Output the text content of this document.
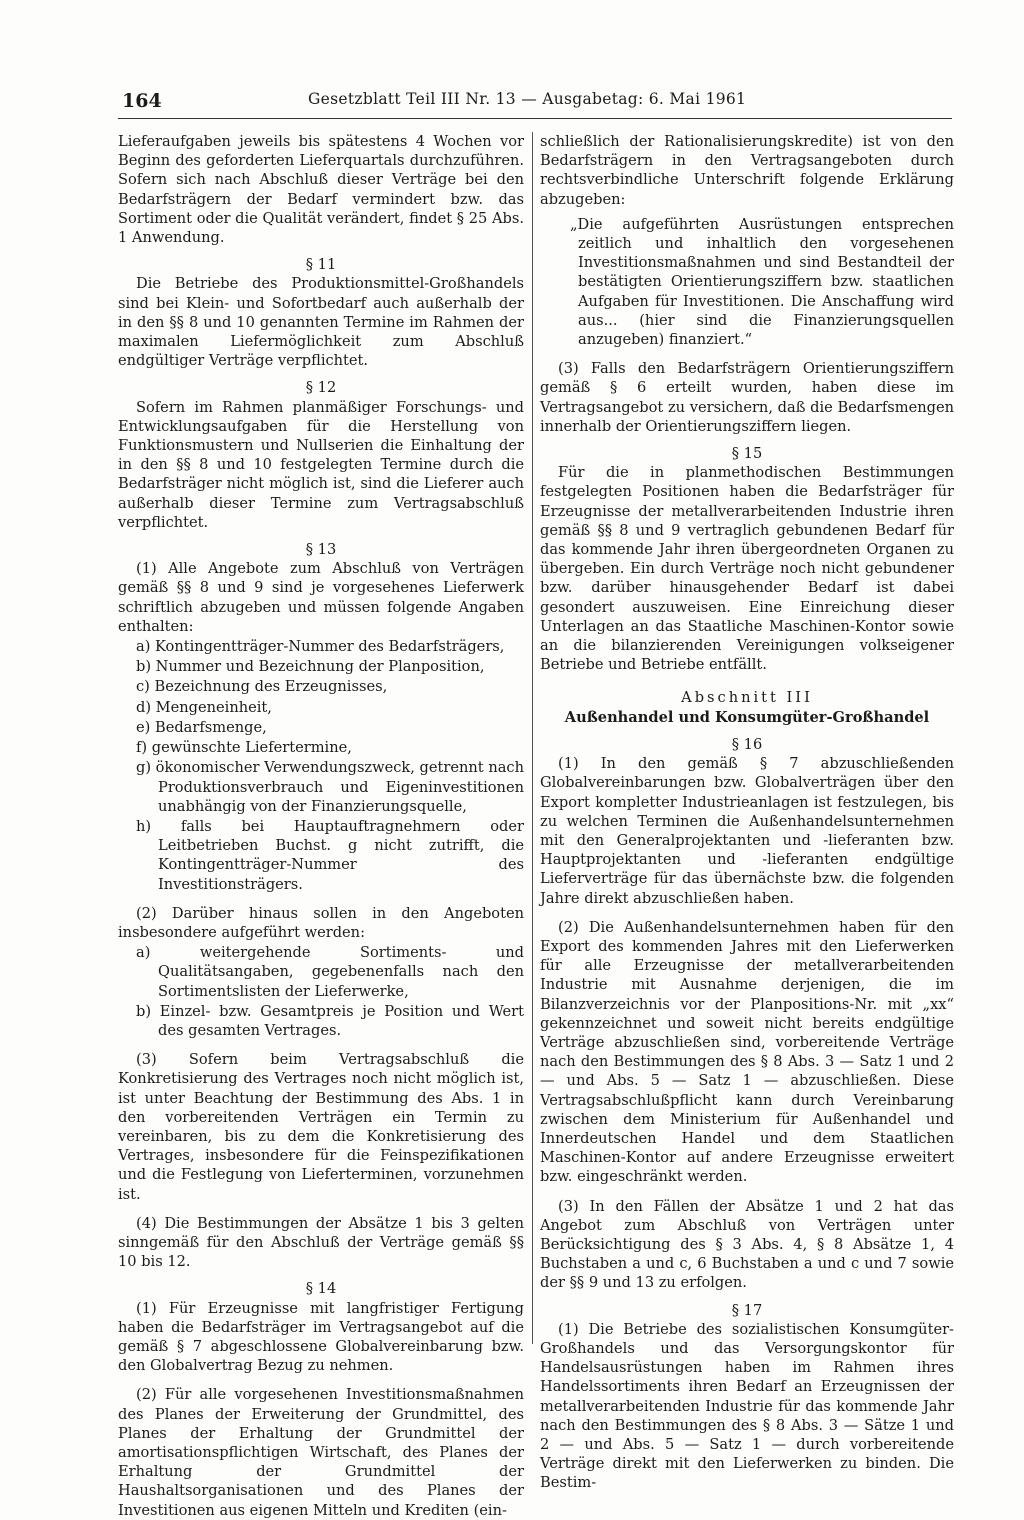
164	Gesetzblatt Teil III Nr. 13 — Ausgabetag: 6. Mai 1961

Lieferaufgaben jeweils bis spätestens 4 Wochen vor Beginn des geforderten Lieferquartals durchzuführen. Sofern sich nach Abschluß dieser Verträge bei den Bedarfsträgern der Bedarf vermindert bzw. das Sortiment oder die Qualität verändert, findet § 25 Abs. 1 Anwendung.

§ 11

Die Betriebe des Produktionsmittel-Großhandels sind bei Klein- und Sofortbedarf auch außerhalb der in den §§ 8 und 10 genannten Termine im Rahmen der maximalen Liefermöglichkeit zum Abschluß endgültiger Verträge verpflichtet.

§ 12

Sofern im Rahmen planmäßiger Forschungs- und Entwicklungsaufgaben für die Herstellung von Funktionsmustern und Nullserien die Einhaltung der in den §§ 8 und 10 festgelegten Termine durch die Bedarfsträger nicht möglich ist, sind die Lieferer auch außerhalb dieser Termine zum Vertragsabschluß verpflichtet.

§ 13

(1) Alle Angebote zum Abschluß von Verträgen gemäß §§ 8 und 9 sind je vorgesehenes Lieferwerk schriftlich abzugeben und müssen folgende Angaben enthalten:

a) Kontingentträger-Nummer des Bedarfsträgers,
b) Nummer und Bezeichnung der Planposition,
c) Bezeichnung des Erzeugnisses,
d) Mengeneinheit,
e) Bedarfsmenge,
f) gewünschte Liefertermine,
g) ökonomischer Verwendungszweck, getrennt nach Produktionsverbrauch und Eigeninvestitionen unabhängig von der Finanzierungsquelle,
h) falls bei Hauptauftragnehmern oder Leitbetrieben Buchst. g nicht zutrifft, die Kontingentträger-Nummer des Investitionsträgers.

(2) Darüber hinaus sollen in den Angeboten insbesondere aufgeführt werden:

a) weitergehende Sortiments- und Qualitätsangaben, gegebenenfalls nach den Sortimentslisten der Lieferwerke,
b) Einzel- bzw. Gesamtpreis je Position und Wert des gesamten Vertrages.

(3) Sofern beim Vertragsabschluß die Konkretisierung des Vertrages noch nicht möglich ist, ist unter Beachtung der Bestimmung des Abs. 1 in den vorbereitenden Verträgen ein Termin zu vereinbaren, bis zu dem die Konkretisierung des Vertrages, insbesondere für die Feinspezifikationen und die Festlegung von Lieferterminen, vorzunehmen ist.

(4) Die Bestimmungen der Absätze 1 bis 3 gelten sinngemäß für den Abschluß der Verträge gemäß §§ 10 bis 12.

§ 14

(1) Für Erzeugnisse mit langfristiger Fertigung haben die Bedarfsträger im Vertragsangebot auf die gemäß § 7 abgeschlossene Globalvereinbarung bzw. den Globalvertrag Bezug zu nehmen.

(2) Für alle vorgesehenen Investitionsmaßnahmen des Planes der Erweiterung der Grundmittel, des Planes der Erhaltung der Grundmittel der amortisationspflichtigen Wirtschaft, des Planes der Erhaltung der Grundmittel der Haushaltsorganisationen und des Planes der Investitionen aus eigenen Mitteln und Krediten (ein-

schließlich der Rationalisierungskredite) ist von den Bedarfsträgern in den Vertragsangeboten durch rechtsverbindliche Unterschrift folgende Erklärung abzugeben:

„Die aufgeführten Ausrüstungen entsprechen zeitlich und inhaltlich den vorgesehenen Investitionsmaßnahmen und sind Bestandteil der bestätigten Orientierungsziffern bzw. staatlichen Aufgaben für Investitionen. Die Anschaffung wird aus... (hier sind die Finanzierungsquellen anzugeben) finanziert.“

(3) Falls den Bedarfsträgern Orientierungsziffern gemäß § 6 erteilt wurden, haben diese im Vertragsangebot zu versichern, daß die Bedarfsmengen innerhalb der Orientierungsziffern liegen.

§ 15

Für die in planmethodischen Bestimmungen festgelegten Positionen haben die Bedarfsträger für Erzeugnisse der metallverarbeitenden Industrie ihren gemäß §§ 8 und 9 vertraglich gebundenen Bedarf für das kommende Jahr ihren übergeordneten Organen zu übergeben. Ein durch Verträge noch nicht gebundener bzw. darüber hinausgehender Bedarf ist dabei gesondert auszuweisen. Eine Einreichung dieser Unterlagen an das Staatliche Maschinen-Kontor sowie an die bilanzierenden Vereinigungen volkseigener Betriebe und Betriebe entfällt.

Abschnitt III
Außenhandel und Konsumgüter-Großhandel
§ 16

(1) In den gemäß § 7 abzuschließenden Globalvereinbarungen bzw. Globalverträgen über den Export kompletter Industrieanlagen ist festzulegen, bis zu welchen Terminen die Außenhandelsunternehmen mit den Generalprojektanten und -lieferanten bzw. Hauptprojektanten und -lieferanten endgültige Lieferverträge für das übernächste bzw. die folgenden Jahre direkt abzuschließen haben.

(2) Die Außenhandelsunternehmen haben für den Export des kommenden Jahres mit den Lieferwerken für alle Erzeugnisse der metallverarbeitenden Industrie mit Ausnahme derjenigen, die im Bilanzverzeichnis vor der Planpositions-Nr. mit „xx“ gekennzeichnet und soweit nicht bereits endgültige Verträge abzuschließen sind, vorbereitende Verträge nach den Bestimmungen des § 8 Abs. 3 — Satz 1 und 2 — und Abs. 5 — Satz 1 — abzuschließen. Diese Vertragsabschlußpflicht kann durch Vereinbarung zwischen dem Ministerium für Außenhandel und Innerdeutschen Handel und dem Staatlichen Maschinen-Kontor auf andere Erzeugnisse erweitert bzw. eingeschränkt werden.

(3) In den Fällen der Absätze 1 und 2 hat das Angebot zum Abschluß von Verträgen unter Berücksichtigung des § 3 Abs. 4, § 8 Absätze 1, 4 Buchstaben a und c, 6 Buchstaben a und c und 7 sowie der §§ 9 und 13 zu erfolgen.

§ 17

(1) Die Betriebe des sozialistischen Konsumgüter-Großhandels und das Versorgungskontor für Handelsausrüstungen haben im Rahmen ihres Handelssortiments ihren Bedarf an Erzeugnissen der metallverarbeitenden Industrie für das kommende Jahr nach den Bestimmungen des § 8 Abs. 3 — Sätze 1 und 2 — und Abs. 5 — Satz 1 — durch vorbereitende Verträge direkt mit den Lieferwerken zu binden. Die Bestim-
